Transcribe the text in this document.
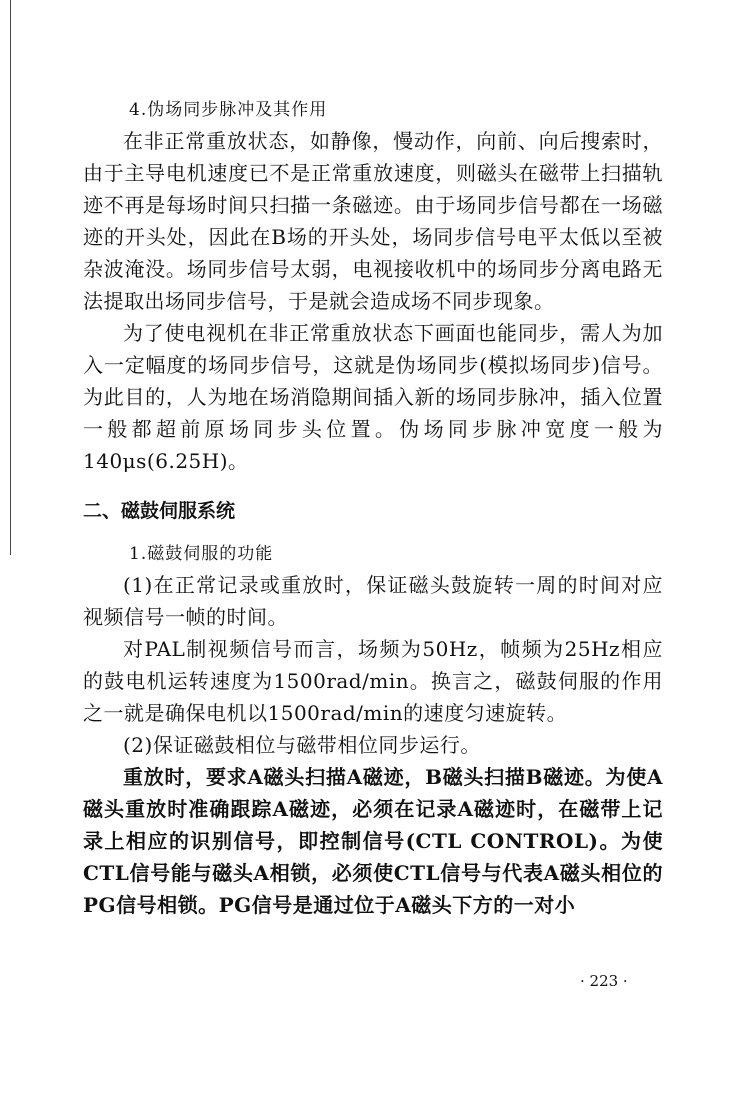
4.伪场同步脉冲及其作用

在非正常重放状态，如静像，慢动作，向前、向后搜索时，由于主导电机速度已不是正常重放速度，则磁头在磁带上扫描轨迹不再是每场时间只扫描一条磁迹。由于场同步信号都在一场磁迹的开头处，因此在B场的开头处，场同步信号电平太低以至被杂波淹没。场同步信号太弱，电视接收机中的场同步分离电路无法提取出场同步信号，于是就会造成场不同步现象。

为了使电视机在非正常重放状态下画面也能同步，需人为加入一定幅度的场同步信号，这就是伪场同步(模拟场同步)信号。为此目的，人为地在场消隐期间插入新的场同步脉冲，插入位置一般都超前原场同步头位置。伪场同步脉冲宽度一般为140μs(6.25H)。

二、磁鼓伺服系统

1.磁鼓伺服的功能

(1)在正常记录或重放时，保证磁头鼓旋转一周的时间对应视频信号一帧的时间。

对PAL制视频信号而言，场频为50Hz，帧频为25Hz相应的鼓电机运转速度为1500rad/min。换言之，磁鼓伺服的作用之一就是确保电机以1500rad/min的速度匀速旋转。

(2)保证磁鼓相位与磁带相位同步运行。

重放时，要求A磁头扫描A磁迹，B磁头扫描B磁迹。为使A磁头重放时准确跟踪A磁迹，必须在记录A磁迹时，在磁带上记录上相应的识别信号，即控制信号(CTL CONTROL)。为使CTL信号能与磁头A相锁，必须使CTL信号与代表A磁头相位的PG信号相锁。PG信号是通过位于A磁头下方的一对小

· 223 ·
